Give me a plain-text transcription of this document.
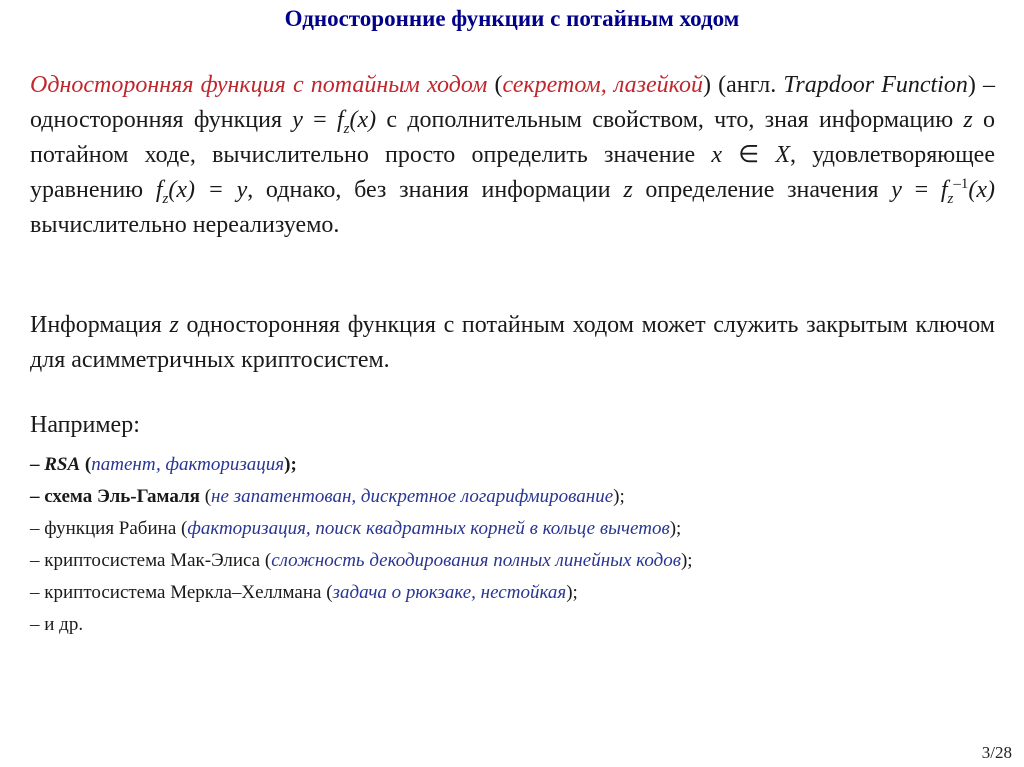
Односторонние функции с потайным ходом
Односторонняя функция с потайным ходом (секретом, лазейкой) (англ. Trapdoor Function) – односторонняя функция $y = f_z(x)$ с дополнительным свойством, что, зная информацию z о потайном ходе, вычислительно просто определить значение x ∈ X, удовлетворяющее уравнению $f_z(x) = y$, однако, без знания информации z определение значения $y = f_z^{-1}(x)$ вычислительно нереализуемо.
Информация z односторонняя функция с потайным ходом может служить закрытым ключом для асимметричных криптосистем.
Например:
– RSA (патент, факторизация);
– схема Эль-Гамаля (не запатентован, дискретное логарифмирование);
– функция Рабина (факторизация, поиск квадратных корней в кольце вычетов);
– криптосистема Мак-Элиса (сложность декодирования полных линейных кодов);
– криптосистема Меркла–Хеллмана (задача о рюкзаке, нестойкая);
– и др.
3/28
